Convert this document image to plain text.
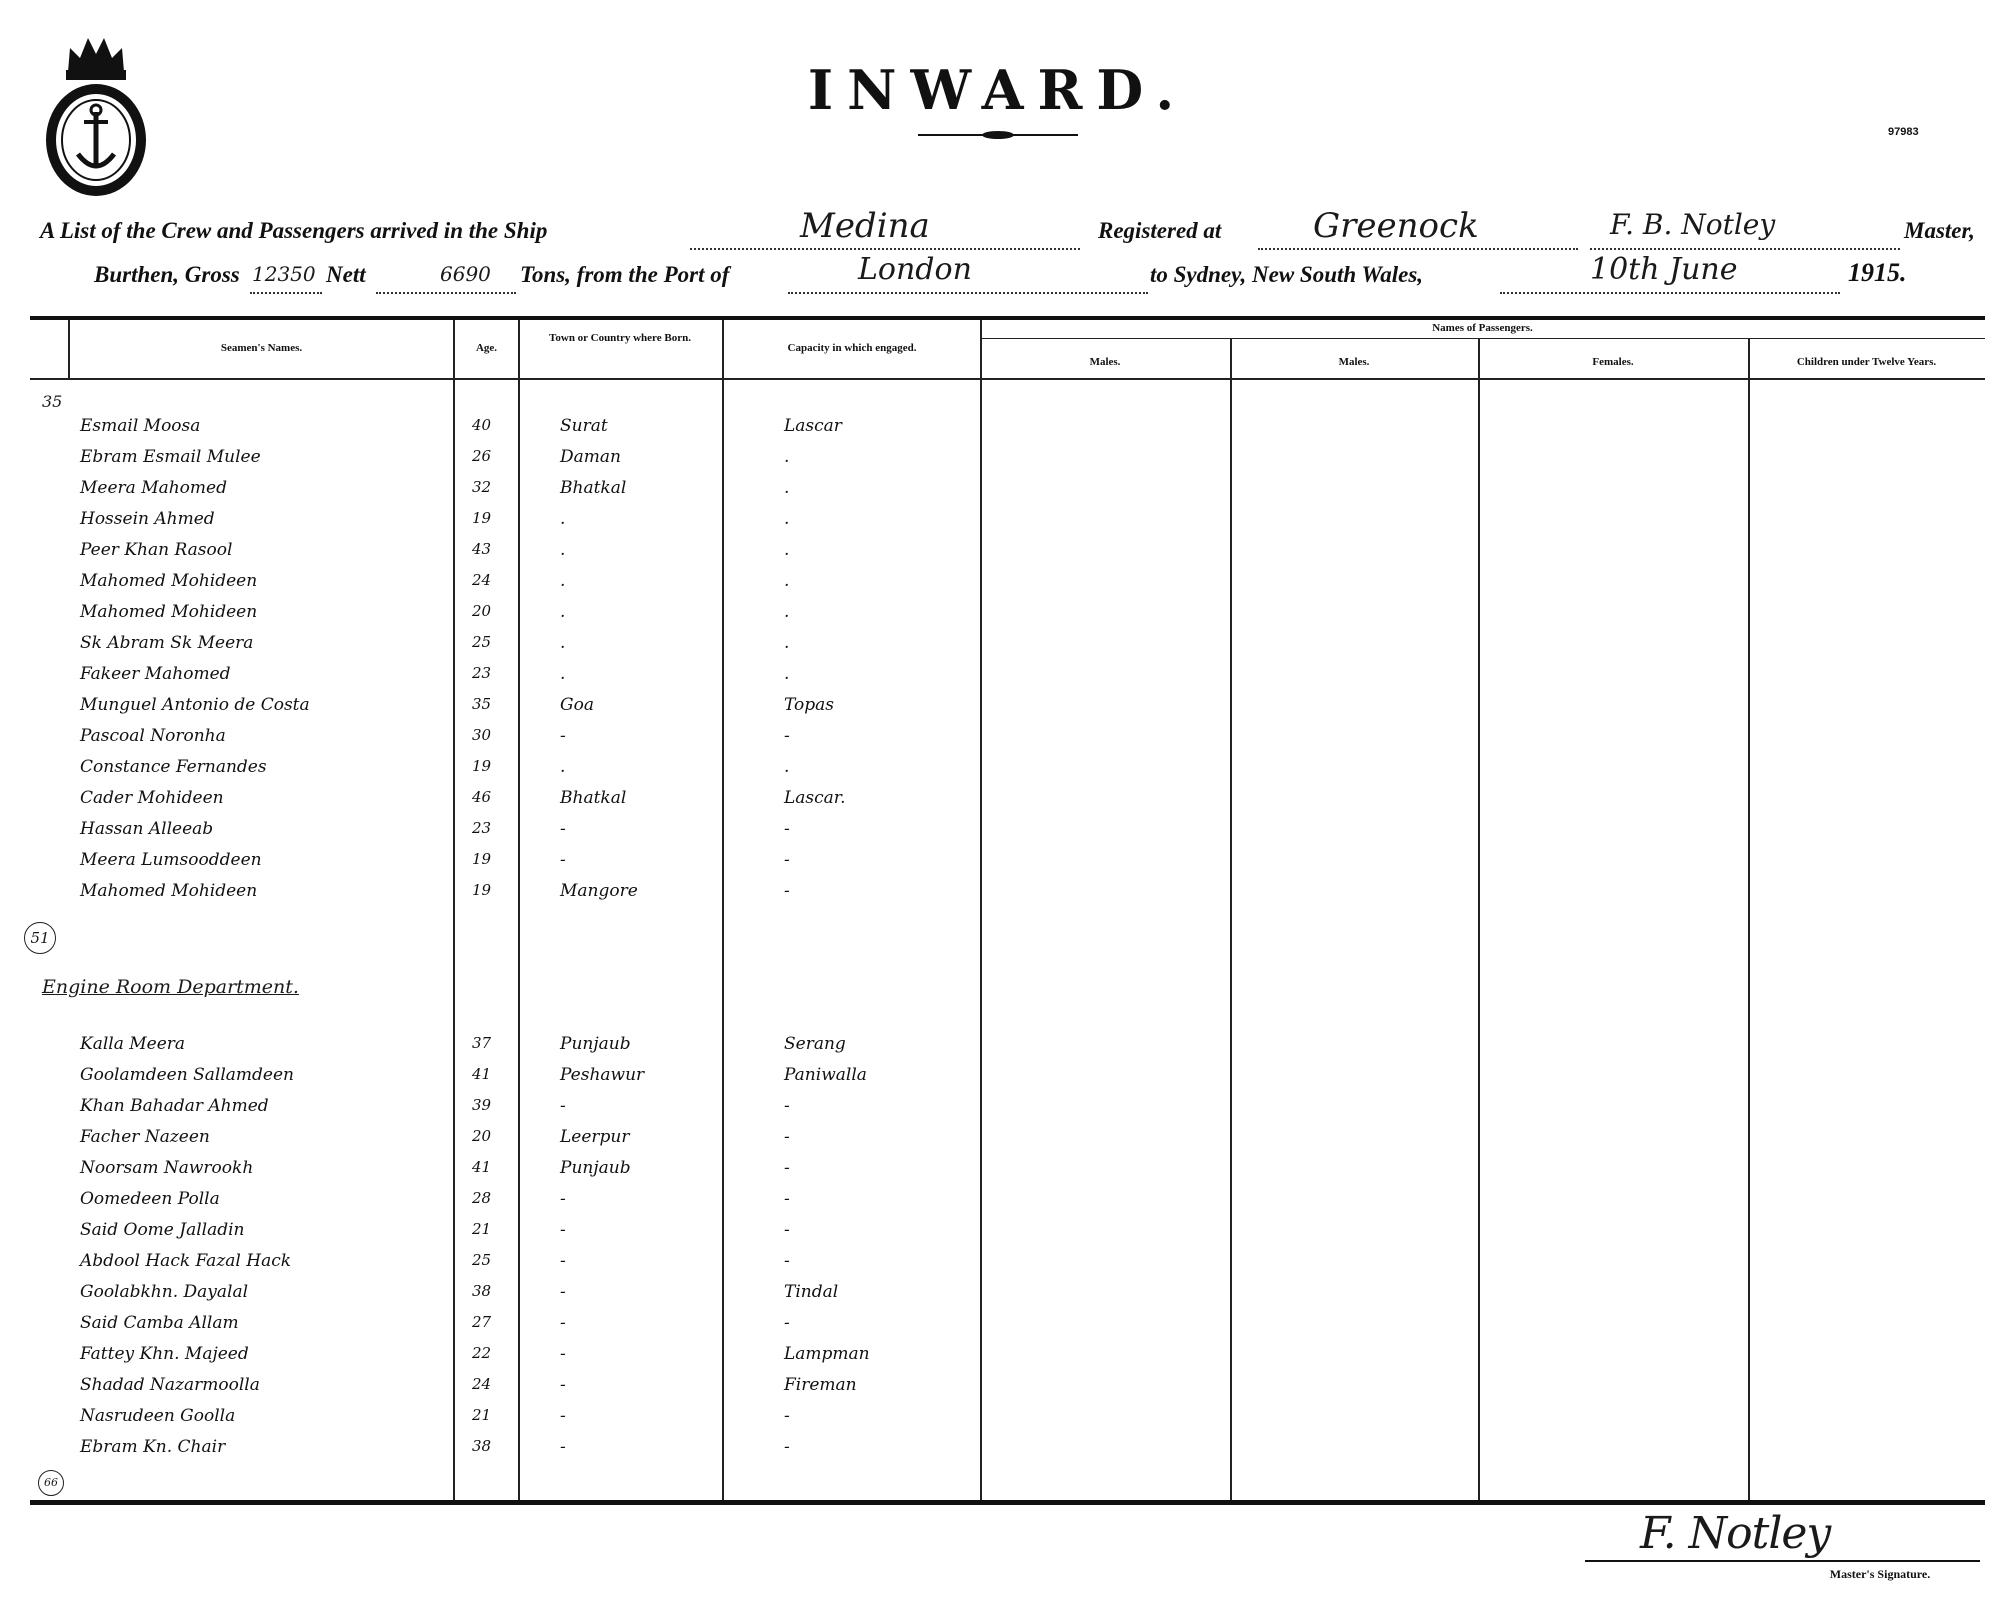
INWARD.
97983
A List of the Crew and Passengers arrived in the Ship	Medina	Registered at	Greenock	F. B. Notley	Master,
Burthen, Gross 12350 Nett	6690 Tons, from the Port of	London	to Sydney, New South Wales,	10th June	1915.
Seamen's Names.	Age.
Town or Country where Born.
Capacity in which engaged.
Names of Passengers.
Males.	Males.	Females.	Children under Twelve Years.
35
51
66
Esmail Moosa	40	Surat	Lascar
Ebram Esmail Mulee	26	Daman	.
Meera Mahomed	32	Bhatkal	.
Hossein Ahmed	19	.	.
Peer Khan Rasool	43	.	.
Mahomed Mohideen	24	.	.
Mahomed Mohideen	20	.	.
Sk Abram Sk Meera	25	.	.
Fakeer Mahomed	23	.	.
Munguel Antonio de Costa	35	Goa	Topas
Pascoal Noronha	30	-	-
Constance Fernandes	19	.	.
Cader Mohideen	46	Bhatkal	Lascar.
Hassan Alleeab	23	-	-
Meera Lumsooddeen	19	-	-
Mahomed Mohideen	19	Mangore	-
Engine Room Department.
Kalla Meera	37	Punjaub	Serang
Goolamdeen Sallamdeen	41	Peshawur	Paniwalla
Khan Bahadar Ahmed	39	-	-
Facher Nazeen	20	Leerpur	-
Noorsam Nawrookh	41	Punjaub	-
Oomedeen Polla	28	-	-
Said Oome Jalladin	21	-	-
Abdool Hack Fazal Hack	25	-	-
Goolabkhn. Dayalal	38	-	Tindal
Said Camba Allam	27	-	-
Fattey Khn. Majeed	22	-	Lampman
Shadad Nazarmoolla	24	-	Fireman
Nasrudeen Goolla	21	-	-
Ebram Kn. Chair	38	-	-
F. Notley
Master's Signature.
